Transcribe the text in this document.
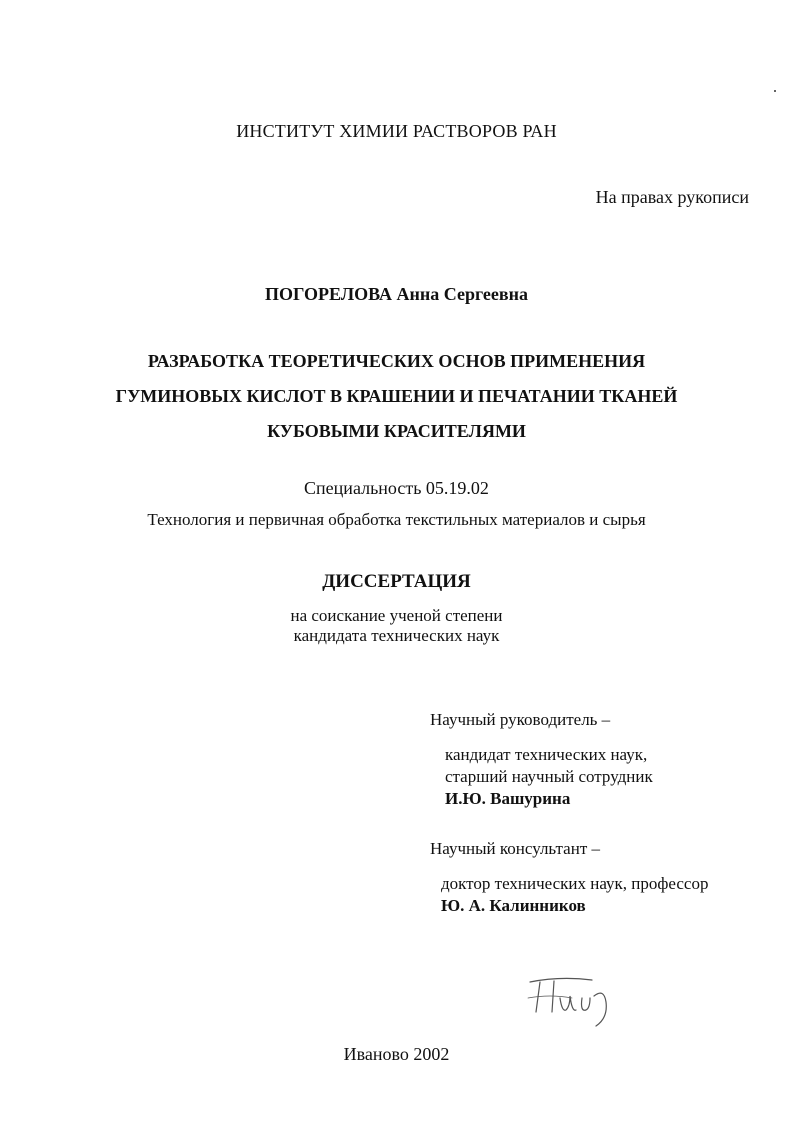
ИНСТИТУТ ХИМИИ РАСТВОРОВ РАН
На правах рукописи
ПОГОРЕЛОВА Анна Сергеевна
РАЗРАБОТКА ТЕОРЕТИЧЕСКИХ ОСНОВ ПРИМЕНЕНИЯ
ГУМИНОВЫХ КИСЛОТ В КРАШЕНИИ И ПЕЧАТАНИИ ТКАНЕЙ
КУБОВЫМИ КРАСИТЕЛЯМИ
Специальность 05.19.02
Технология и первичная обработка текстильных материалов и сырья
ДИССЕРТАЦИЯ
на соискание ученой степени
кандидата технических наук
Научный руководитель –
кандидат технических наук,
старший научный сотрудник
И.Ю. Вашурина
Научный консультант –
доктор технических наук, профессор
Ю. А. Калинников
Иваново 2002
